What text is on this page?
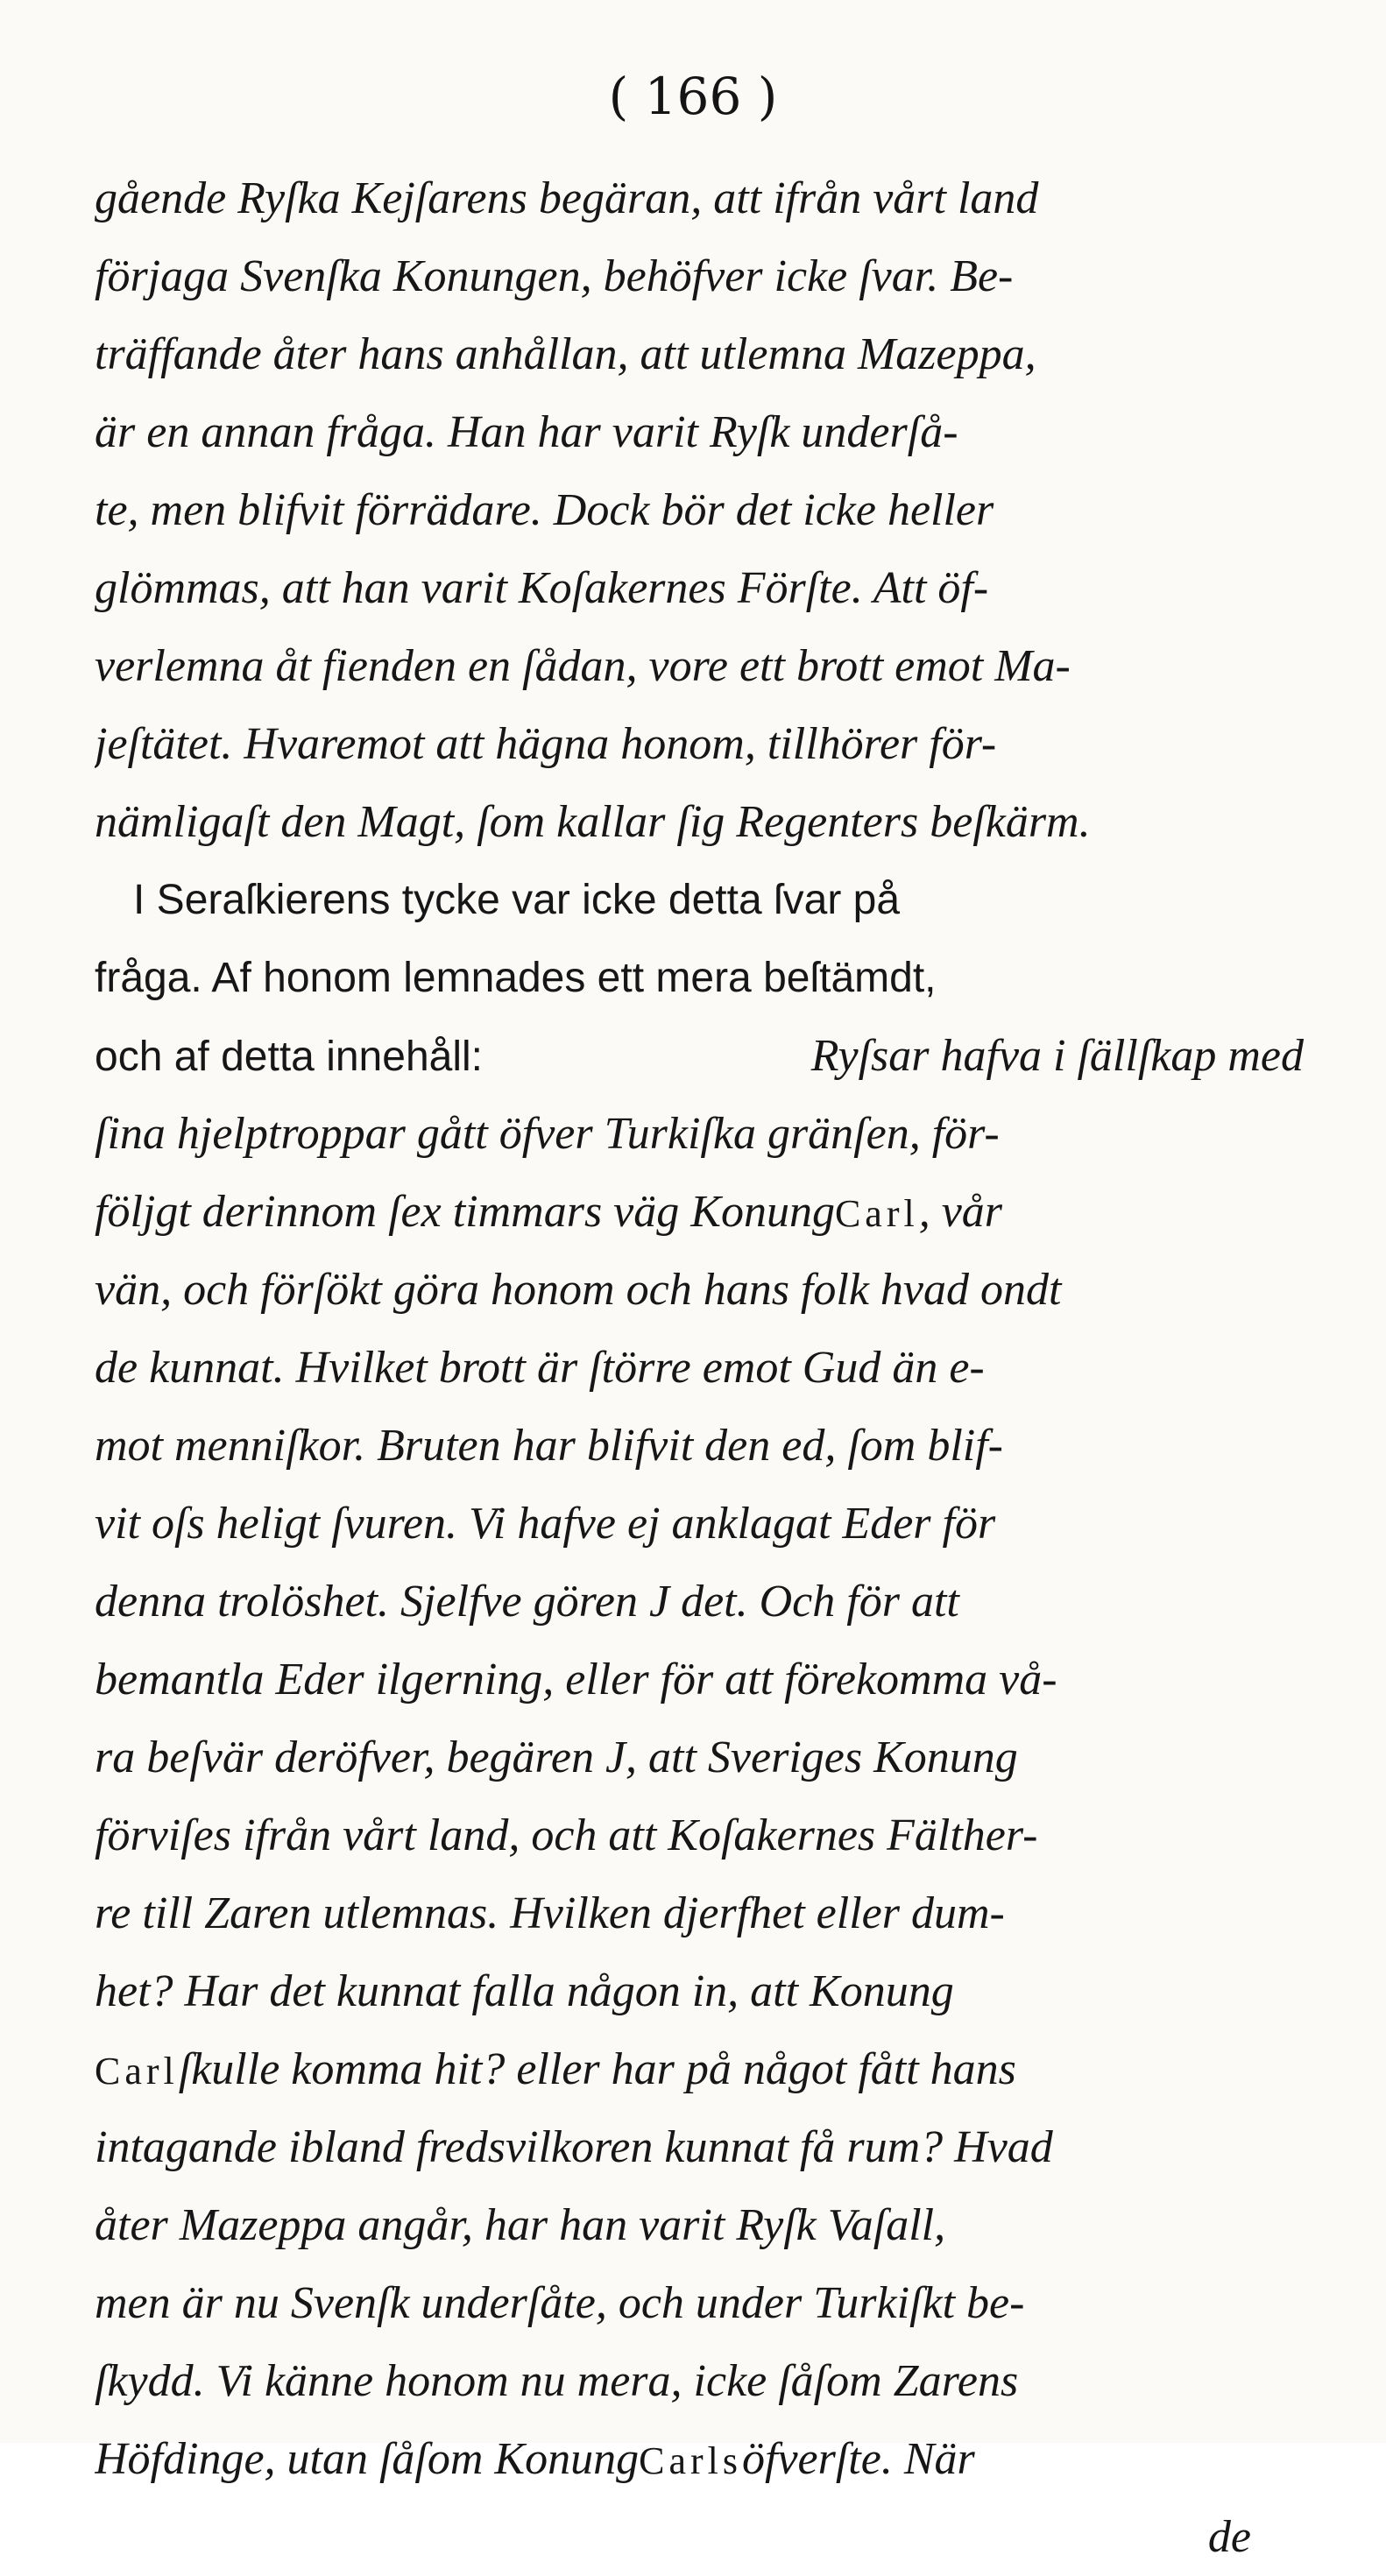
( 166 )
gående Ryſka Kejſarens begäran, att ifrån vårt land
förjaga Svenſka Konungen, behöfver icke ſvar. Be-
träffande åter hans anhållan, att utlemna Mazeppa,
är en annan fråga. Han har varit Ryſk underſå-
te, men blifvit förrädare. Dock bör det icke heller
glömmas, att han varit Koſakernes Förſte. Att öf-
verlemna åt fienden en ſådan, vore ett brott emot Ma-
jeſtätet. Hvaremot att hägna honom, tillhörer för-
nämligaſt den Magt, ſom kallar ſig Regenters beſkärm.
I Seraſkierens tycke var icke detta ſvar på
fråga. Af honom lemnades ett mera beſtämdt,
och af detta innehåll:	Ryſsar hafva i ſällſkap med
ſina hjelptroppar gått öfver Turkiſka gränſen, för-
följgt derinnom ſex timmars väg KonungCarl, vår
vän, och förſökt göra honom och hans folk hvad ondt
de kunnat. Hvilket brott är ſtörre emot Gud än e-
mot menniſkor. Bruten har blifvit den ed, ſom blif-
vit oſs heligt ſvuren. Vi hafve ej anklagat Eder för
denna trolöshet. Sjelfve gören J det. Och för att
bemantla Eder ilgerning, eller för att förekomma vå-
ra beſvär deröfver, begären J, att Sveriges Konung
förviſes ifrån vårt land, och att Koſakernes Fälther-
re till Zaren utlemnas. Hvilken djerfhet eller dum-
het? Har det kunnat falla någon in, att Konung
Carlſkulle komma hit? eller har på något fått hans
intagande ibland fredsvilkoren kunnat få rum? Hvad
åter Mazeppa angår, har han varit Ryſk Vaſall,
men är nu Svenſk underſåte, och under Turkiſkt be-
ſkydd. Vi känne honom nu mera, icke ſåſom Zarens
Höfdinge, utan ſåſom KonungCarlsöfverſte. När
de
